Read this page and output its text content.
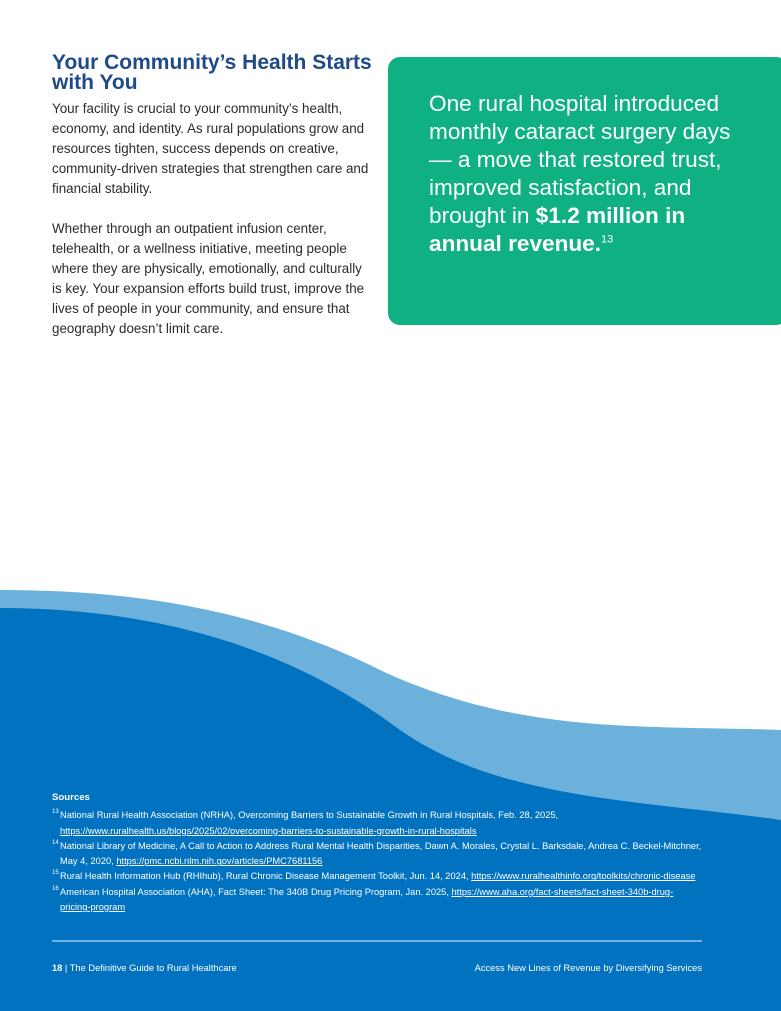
Your Community’s Health Starts with You

Your facility is crucial to your community’s health, economy, and identity. As rural populations grow and resources tighten, success depends on creative, community-driven strategies that strengthen care and financial stability.

Whether through an outpatient infusion center, telehealth, or a wellness initiative, meeting people where they are physically, emotionally, and culturally is key. Your expansion efforts build trust, improve the lives of people in your community, and ensure that geography doesn’t limit care.

One rural hospital introduced monthly cataract surgery days — a move that restored trust, improved satisfaction, and brought in $1.2 million in annual revenue.$^{13}$

Sources
13 National Rural Health Association (NRHA), Overcoming Barriers to Sustainable Growth in Rural Hospitals, Feb. 28, 2025, https://www.ruralhealth.us/blogs/2025/02/overcoming-barriers-to-sustainable-growth-in-rural-hospitals
14 National Library of Medicine, A Call to Action to Address Rural Mental Health Disparities, Dawn A. Morales, Crystal L. Barksdale, Andrea C. Beckel-Mitchner, May 4, 2020, https://pmc.ncbi.nlm.nih.gov/articles/PMC7681156
15 Rural Health Information Hub (RHIhub), Rural Chronic Disease Management Toolkit, Jun. 14, 2024, https://www.ruralhealthinfo.org/toolkits/chronic-disease
16 American Hospital Association (AHA), Fact Sheet: The 340B Drug Pricing Program, Jan. 2025, https://www.aha.org/fact-sheets/fact-sheet-340b-drug-pricing-program
18 | The Definitive Guide to Rural Healthcare	Access New Lines of Revenue by Diversifying Services
